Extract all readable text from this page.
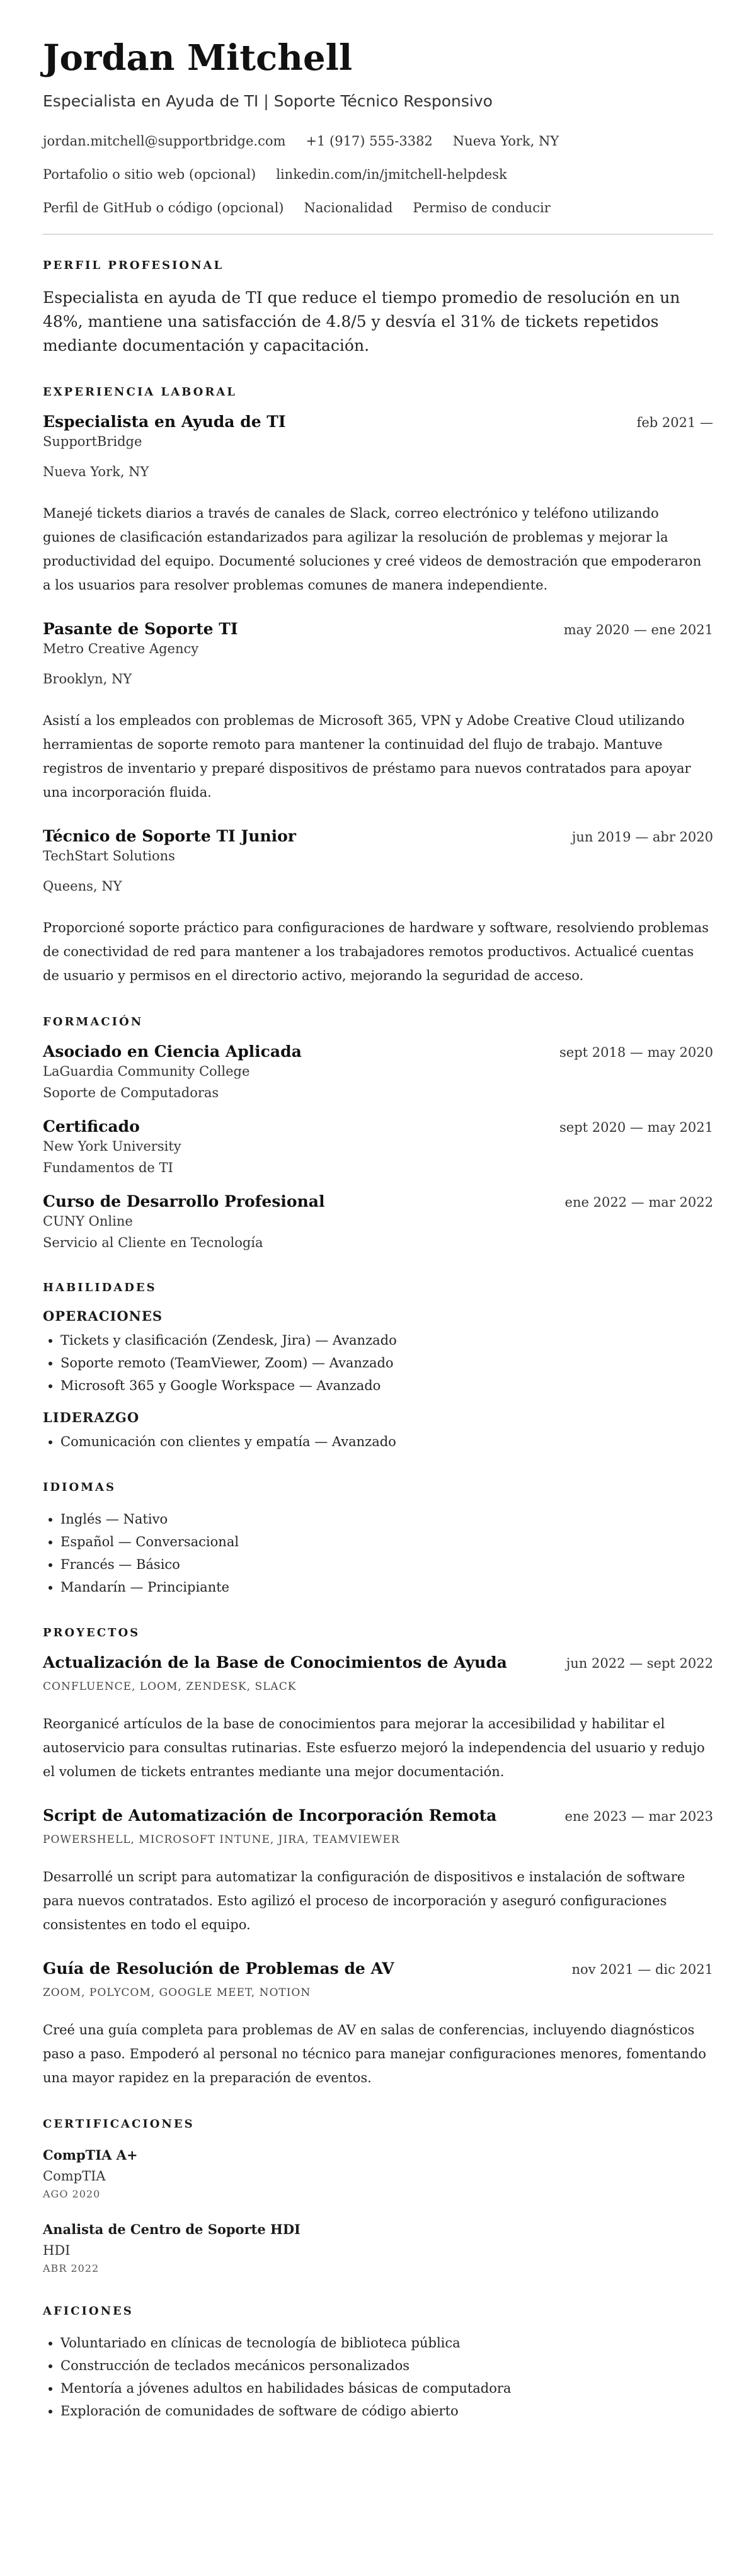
Jordan Mitchell
Especialista en Ayuda de TI | Soporte Técnico Responsivo
jordan.mitchell@supportbridge.com +1 (917) 555-3382 Nueva York, NY
Portafolio o sitio web (opcional) linkedin.com/in/jmitchell-helpdesk
Perfil de GitHub o código (opcional) Nacionalidad Permiso de conducir
PERFIL PROFESIONAL

Especialista en ayuda de TI que reduce el tiempo promedio de resolución en un 48%, mantiene una satisfacción de 4.8/5 y desvía el 31% de tickets repetidos mediante documentación y capacitación.

EXPERIENCIA LABORAL
Especialista en Ayuda de TI	feb 2021 —
SupportBridge
Nueva York, NY
Manejé tickets diarios a través de canales de Slack, correo electrónico y teléfono utilizando guiones de clasificación estandarizados para agilizar la resolución de problemas y mejorar la productividad del equipo. Documenté soluciones y creé videos de demostración que empoderaron a los usuarios para resolver problemas comunes de manera independiente.
Pasante de Soporte TI	may 2020 — ene 2021
Metro Creative Agency
Brooklyn, NY
Asistí a los empleados con problemas de Microsoft 365, VPN y Adobe Creative Cloud utilizando herramientas de soporte remoto para mantener la continuidad del flujo de trabajo. Mantuve registros de inventario y preparé dispositivos de préstamo para nuevos contratados para apoyar una incorporación fluida.
Técnico de Soporte TI Junior	jun 2019 — abr 2020
TechStart Solutions
Queens, NY
Proporcioné soporte práctico para configuraciones de hardware y software, resolviendo problemas de conectividad de red para mantener a los trabajadores remotos productivos. Actualicé cuentas de usuario y permisos en el directorio activo, mejorando la seguridad de acceso.
FORMACIÓN
Asociado en Ciencia Aplicada	sept 2018 — may 2020
LaGuardia Community College
Soporte de Computadoras
Certificado	sept 2020 — may 2021
New York University
Fundamentos de TI
Curso de Desarrollo Profesional	ene 2022 — mar 2022
CUNY Online
Servicio al Cliente en Tecnología
HABILIDADES
OPERACIONES
• Tickets y clasificación (Zendesk, Jira) — Avanzado
• Soporte remoto (TeamViewer, Zoom) — Avanzado
• Microsoft 365 y Google Workspace — Avanzado
LIDERAZGO
• Comunicación con clientes y empatía — Avanzado
IDIOMAS
• Inglés — Nativo
• Español — Conversacional
• Francés — Básico
• Mandarín — Principiante
PROYECTOS
Actualización de la Base de Conocimientos de Ayuda	jun 2022 — sept 2022
CONFLUENCE, LOOM, ZENDESK, SLACK
Reorganicé artículos de la base de conocimientos para mejorar la accesibilidad y habilitar el autoservicio para consultas rutinarias. Este esfuerzo mejoró la independencia del usuario y redujo el volumen de tickets entrantes mediante una mejor documentación.
Script de Automatización de Incorporación Remota	ene 2023 — mar 2023
POWERSHELL, MICROSOFT INTUNE, JIRA, TEAMVIEWER
Desarrollé un script para automatizar la configuración de dispositivos e instalación de software para nuevos contratados. Esto agilizó el proceso de incorporación y aseguró configuraciones consistentes en todo el equipo.
Guía de Resolución de Problemas de AV	nov 2021 — dic 2021
ZOOM, POLYCOM, GOOGLE MEET, NOTION
Creé una guía completa para problemas de AV en salas de conferencias, incluyendo diagnósticos paso a paso. Empoderó al personal no técnico para manejar configuraciones menores, fomentando una mayor rapidez en la preparación de eventos.
CERTIFICACIONES
CompTIA A+
CompTIA
AGO 2020
Analista de Centro de Soporte HDI
HDI
ABR 2022
AFICIONES
• Voluntariado en clínicas de tecnología de biblioteca pública
• Construcción de teclados mecánicos personalizados
• Mentoría a jóvenes adultos en habilidades básicas de computadora
• Exploración de comunidades de software de código abierto
